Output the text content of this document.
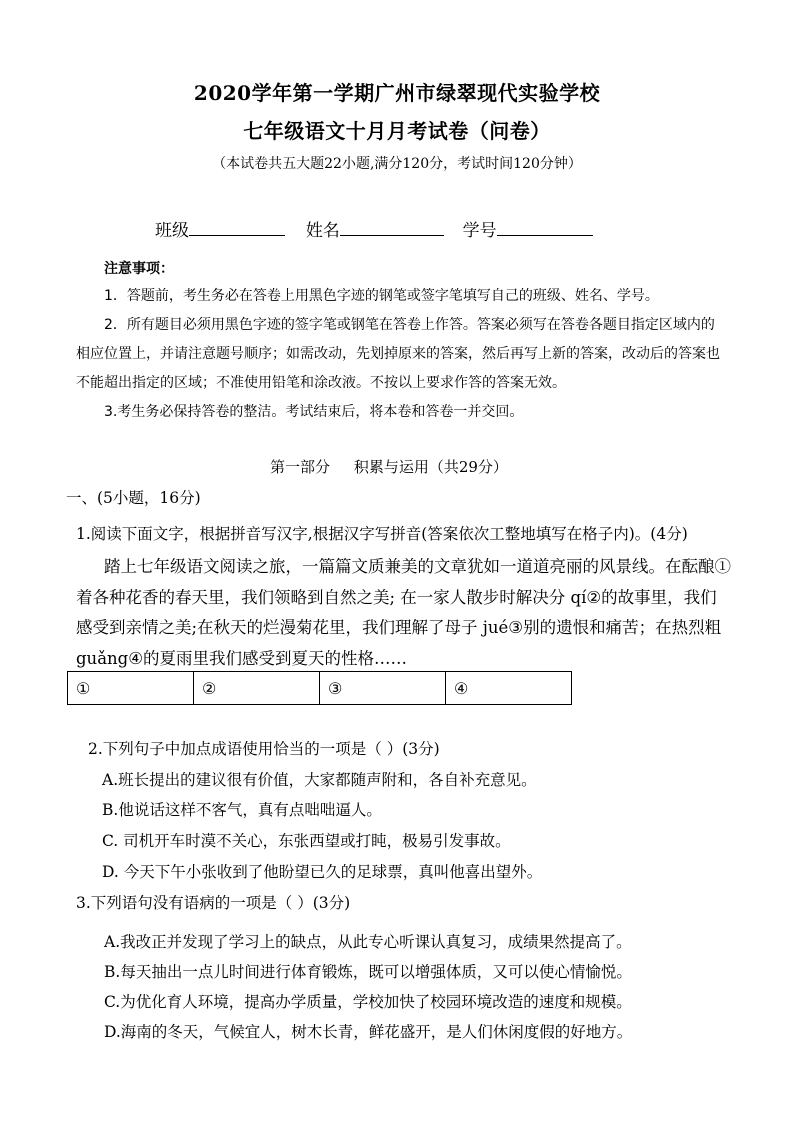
2020学年第一学期广州市绿翠现代实验学校
七年级语文十月月考试卷（问卷）
（本试卷共五大题22小题,满分120分，考试时间120分钟）
班级	姓名	学号
注意事项：
1．答题前，考生务必在答卷上用黑色字迹的钢笔或签字笔填写自己的班级、姓名、学号。
2．所有题目必须用黑色字迹的签字笔或钢笔在答卷上作答。答案必须写在答卷各题目指定区域内的
相应位置上，并请注意题号顺序；如需改动，先划掉原来的答案，然后再写上新的答案，改动后的答案也
不能超出指定的区域；不准使用铅笔和涂改液。不按以上要求作答的答案无效。
3.考生务必保持答卷的整洁。考试结束后，将本卷和答卷一并交回。
第一部分     积累与运用（共29分）
一、(5小题，16分)
1.阅读下面文字，根据拼音写汉字,根据汉字写拼音(答案依次工整地填写在格子内)。(4分)
踏上七年级语文阅读之旅，一篇篇文质兼美的文章犹如一道道亮丽的风景线。在酝酿①
着各种花香的春天里，我们领略到自然之美; 在一家人散步时解决分 qí②的故事里，我们
感受到亲情之美;在秋天的烂漫菊花里，我们理解了母子 jué③别的遗恨和痛苦；在热烈粗
guǎng④的夏雨里我们感受到夏天的性格……
①	②	③	④
2.下列句子中加点成语使用恰当的一项是（ ）(3分)
A.班长提出的建议很有价值，大家都随声附和，各自补充意见。
B.他说话这样不客气，真有点咄咄逼人。
C. 司机开车时漠不关心，东张西望或打盹，极易引发事故。
D. 今天下午小张收到了他盼望已久的足球票，真叫他喜出望外。
3.下列语句没有语病的一项是（ ）(3分)
A.我改正并发现了学习上的缺点，从此专心听课认真复习，成绩果然提高了。
B.每天抽出一点儿时间进行体育锻炼，既可以增强体质，又可以使心情愉悦。
C.为优化育人环境，提高办学质量，学校加快了校园环境改造的速度和规模。
D.海南的冬天，气候宜人，树木长青，鲜花盛开，是人们休闲度假的好地方。
